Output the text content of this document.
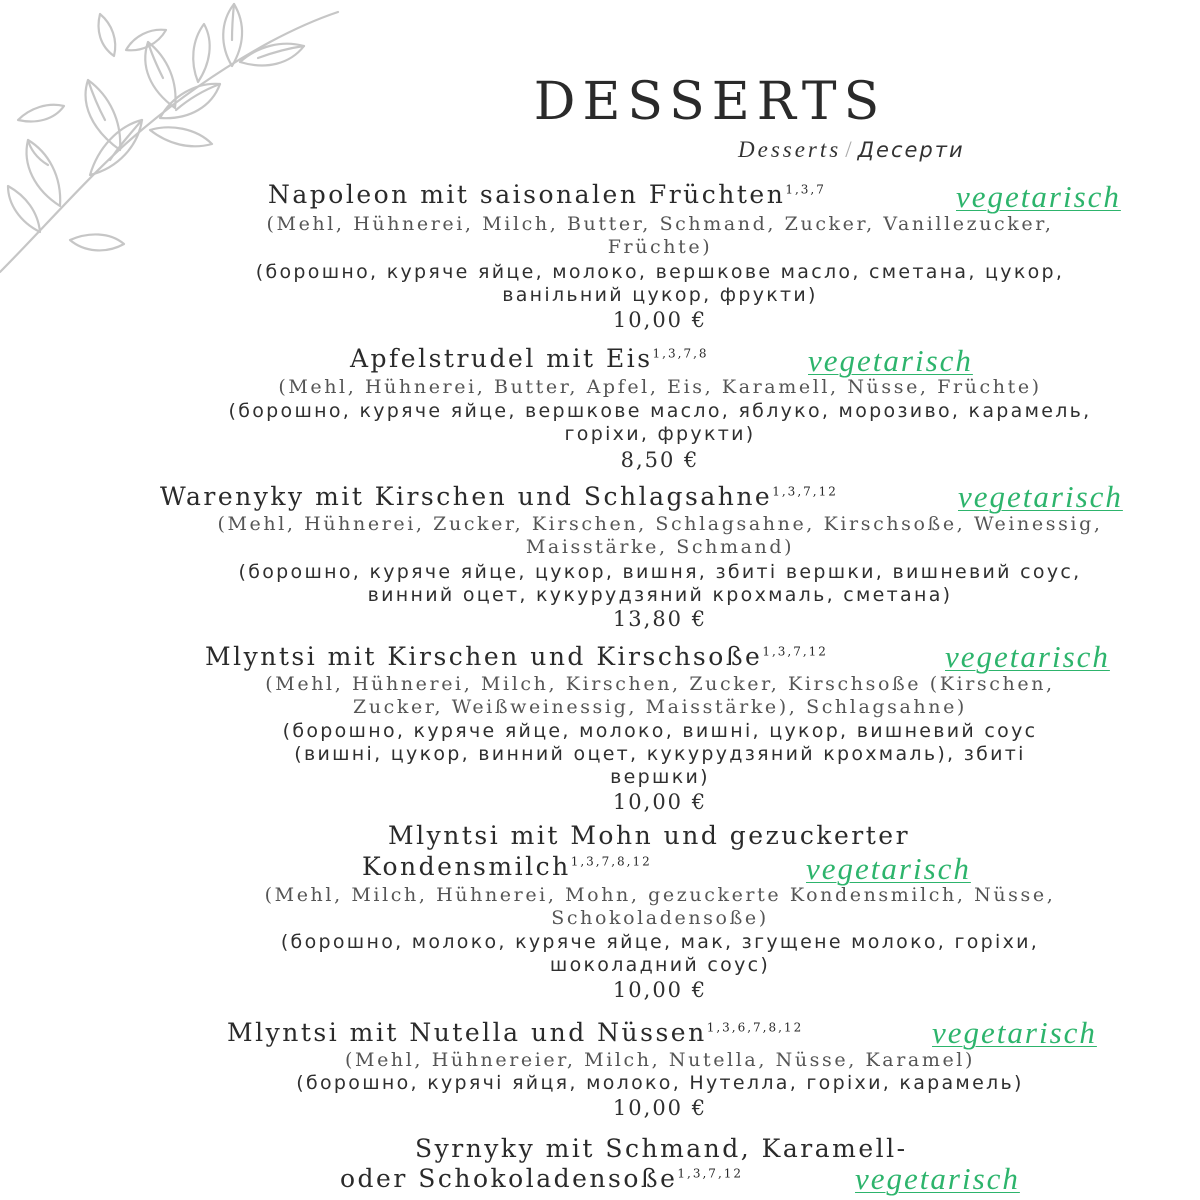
DESSERTS
Desserts / Десерти
Napoleon mit saisonalen Früchten$^{1,3,7}$	vegetarisch
(Mehl, Hühnerei, Milch, Butter, Schmand, Zucker, Vanillezucker,
Früchte)
(борошно, куряче яйце, молоко, вершкове масло, сметана, цукор,
ванільний цукор, фрукти)
10,00 €
Apfelstrudel mit Eis$^{1,3,7,8}$	vegetarisch
(Mehl, Hühnerei, Butter, Apfel, Eis, Karamell, Nüsse, Früchte)
(борошно, куряче яйце, вершкове масло, яблуко, морозиво, карамель,
горіхи, фрукти)
8,50 €
Warenyky mit Kirschen und Schlagsahne$^{1,3,7,12}$	vegetarisch
(Mehl, Hühnerei, Zucker, Kirschen, Schlagsahne, Kirschsoße, Weinessig,
Maisstärke, Schmand)
(борошно, куряче яйце, цукор, вишня, збиті вершки, вишневий соус,
винний оцет, кукурудзяний крохмаль, сметана)
13,80 €
Mlyntsi mit Kirschen und Kirschsoße$^{1,3,7,12}$	vegetarisch
(Mehl, Hühnerei, Milch, Kirschen, Zucker, Kirschsoße (Kirschen,
Zucker, Weißweinessig, Maisstärke), Schlagsahne)
(борошно, куряче яйце, молоко, вишні, цукор, вишневий соус
(вишні, цукор, винний оцет, кукурудзяний крохмаль), збиті
вершки)
10,00 €
Mlyntsi mit Mohn und gezuckerter
Kondensmilch$^{1,3,7,8,12}$	vegetarisch
(Mehl, Milch, Hühnerei, Mohn, gezuckerte Kondensmilch, Nüsse,
Schokoladensoße)
(борошно, молоко, куряче яйце, мак, згущене молоко, горіхи,
шоколадний соус)
10,00 €
Mlyntsi mit Nutella und Nüssen$^{1,3,6,7,8,12}$	vegetarisch
(Mehl, Hühnereier, Milch, Nutella, Nüsse, Karamel)
(борошно, курячі яйця, молоко, Нутелла, горіхи, карамель)
10,00 €
Syrnyky mit Schmand, Karamell-
oder Schokoladensoße$^{1,3,7,12}$	vegetarisch
